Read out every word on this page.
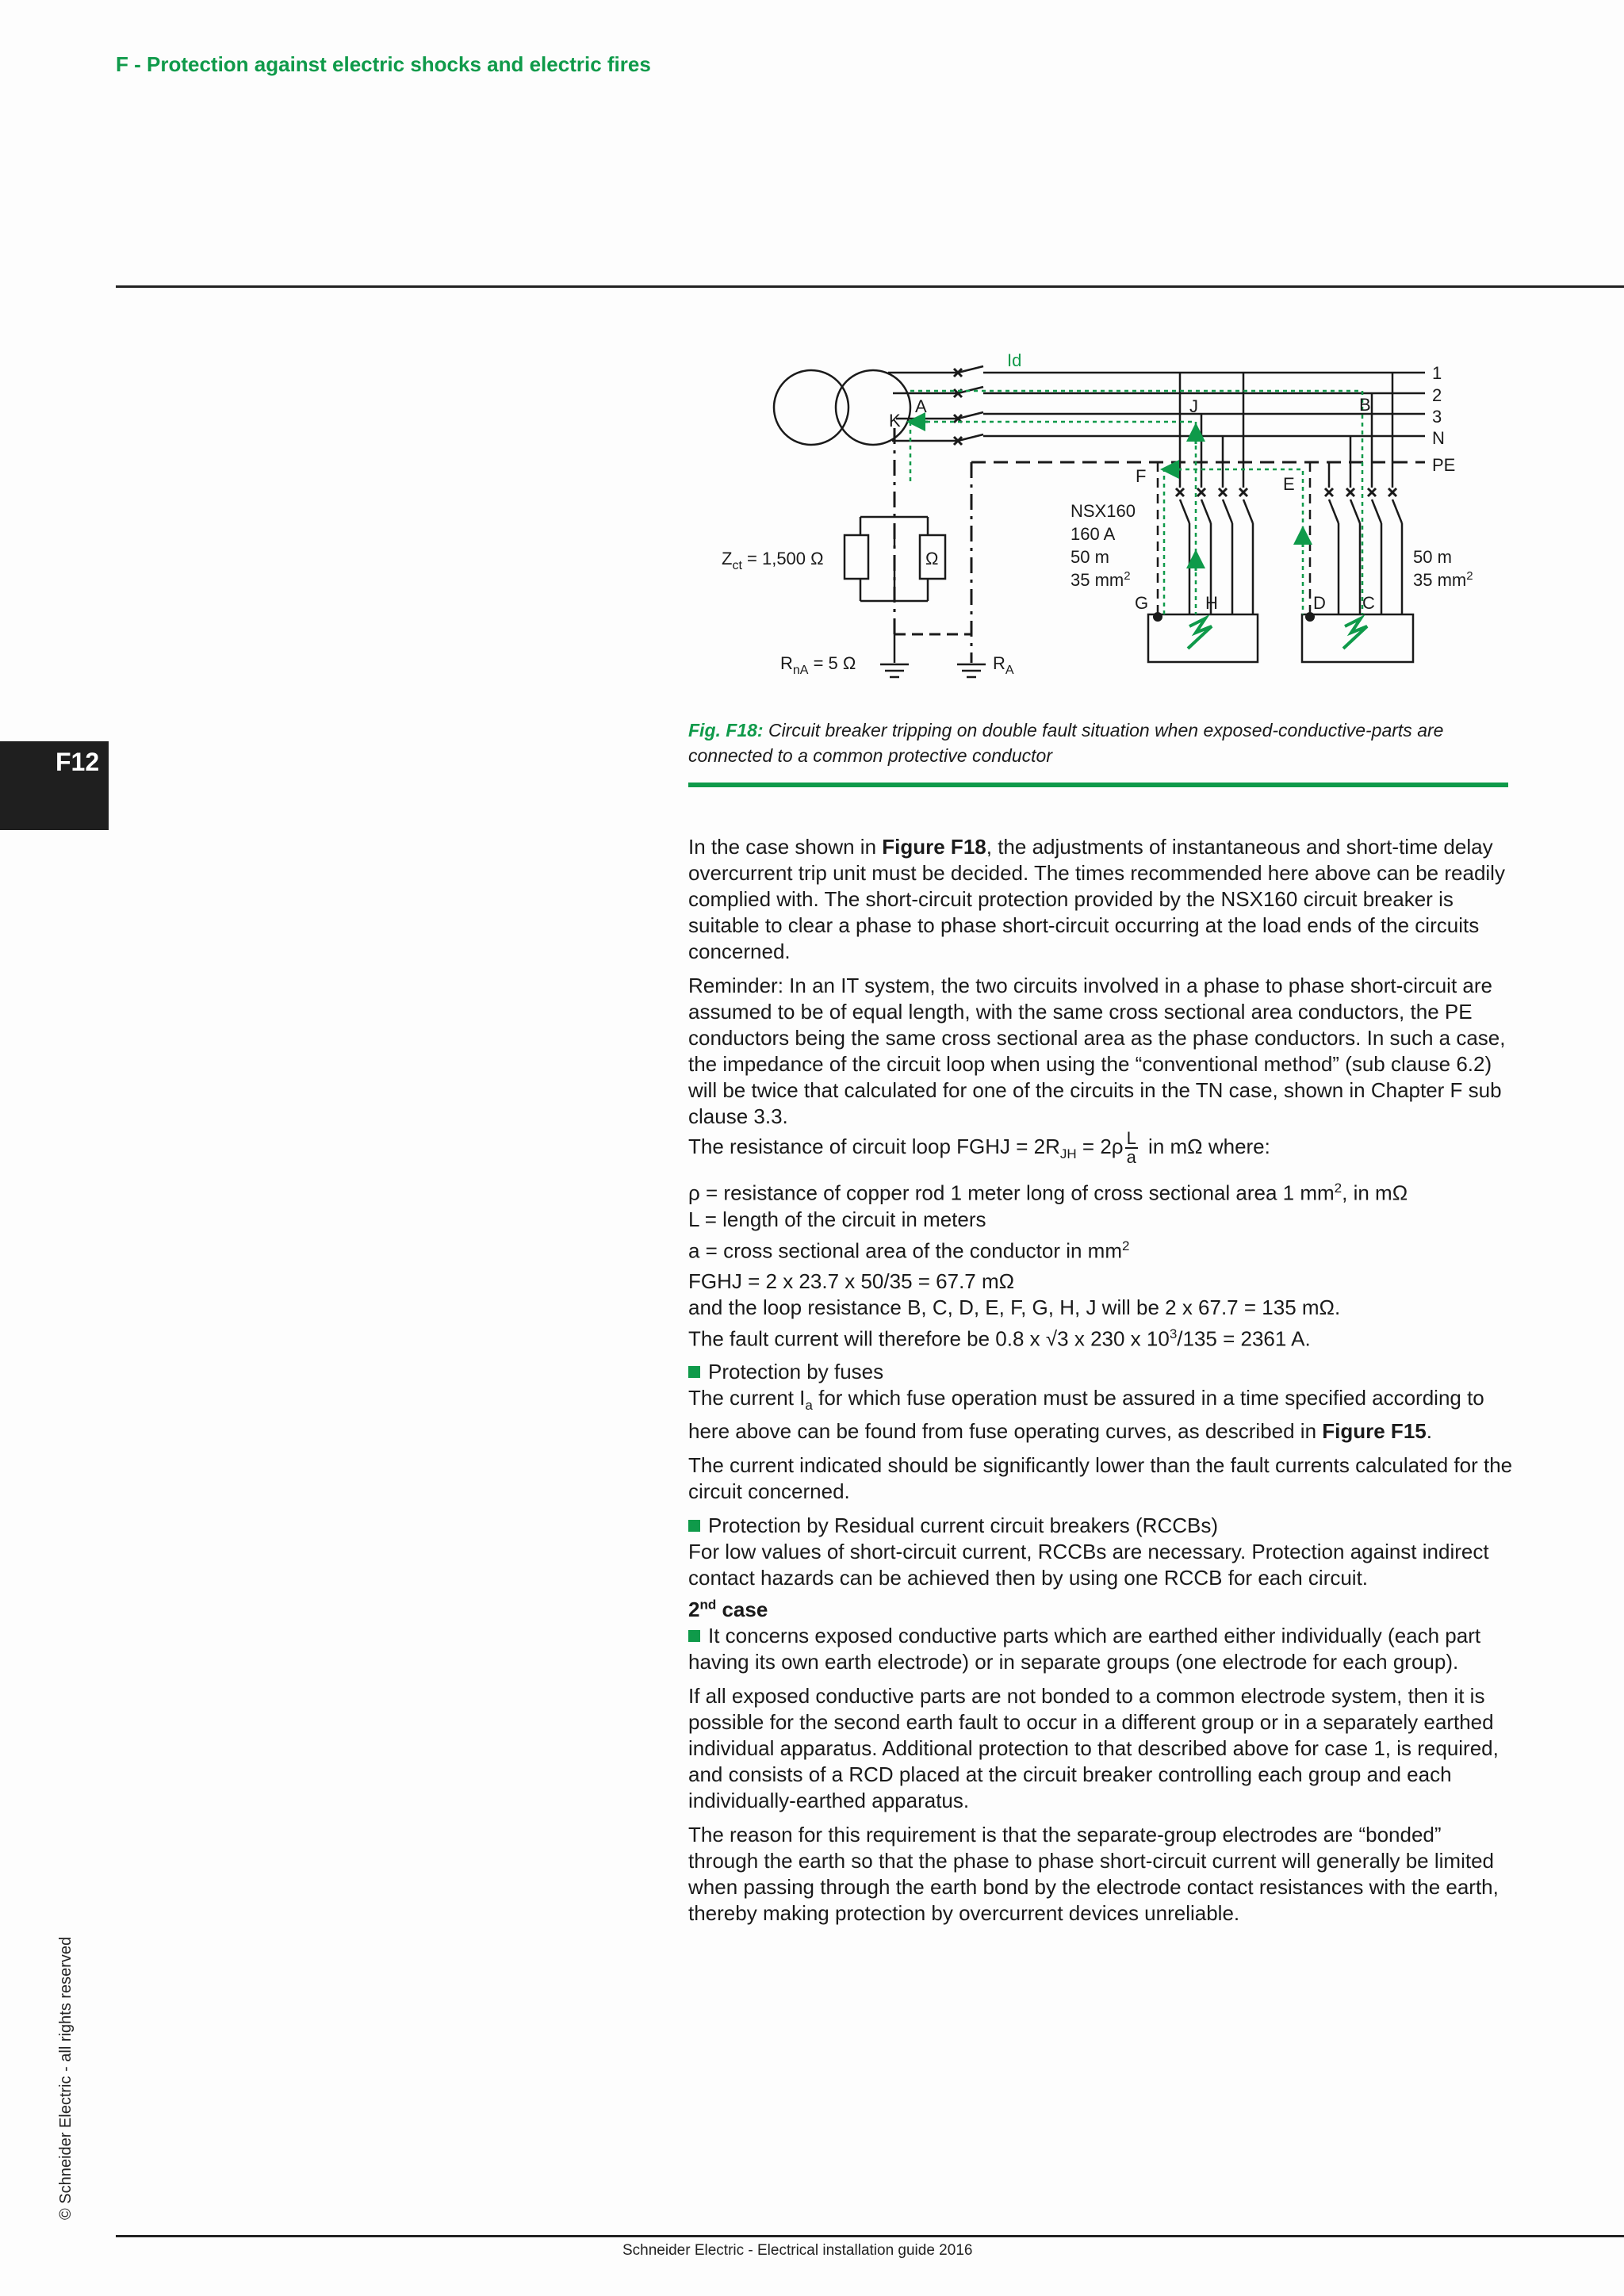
F - Protection against electric shocks and electric fires
F12
© Schneider Electric - all rights reserved
Id
1
2
3
N
PE
A
K
J	B
F	E
G	H	D C
NSX160
160 A
50 m
35 $mm^2$
50 m
35 $mm^2$
$Z_{ct} = 1,500$ Ω	Ω
$R_{nA} = 5$ Ω	$R_A$
Fig. F18: Circuit breaker tripping on double fault situation when exposed-conductive-parts are connected to a common protective conductor

In the case shown in Figure F18, the adjustments of instantaneous and short-time delay overcurrent trip unit must be decided. The times recommended here above can be readily complied with. The short-circuit protection provided by the NSX160 circuit breaker is suitable to clear a phase to phase short-circuit occurring at the load ends of the circuits concerned.

Reminder: In an IT system, the two circuits involved in a phase to phase short-circuit are assumed to be of equal length, with the same cross sectional area conductors, the PE conductors being the same cross sectional area as the phase conductors. In such a case, the impedance of the circuit loop when using the “conventional method” (sub clause 6.2) will be twice that calculated for one of the circuits in the TN case, shown in Chapter F sub clause 3.3.

The resistance of circuit loop FGHJ = $2R_{JH} = 2\rho \frac{L}{a}$ in mΩ where:

ρ = resistance of copper rod 1 meter long of cross sectional area 1 $mm^2$, in mΩ
L = length of the circuit in meters
a = cross sectional area of the conductor in $mm^2$
FGHJ = 2 x 23.7 x 50/35 = 67.7 mΩ
and the loop resistance B, C, D, E, F, G, H, J will be 2 x 67.7 = 135 mΩ.
The fault current will therefore be 0.8 x √3 x 230 x $10^3/135 = 2361$ A.
Protection by fuses

The current $I_a$ for which fuse operation must be assured in a time specified according to here above can be found from fuse operating curves, as described in Figure F15.

The current indicated should be significantly lower than the fault currents calculated for the circuit concerned.

Protection by Residual current circuit breakers (RCCBs)
For low values of short-circuit current, RCCBs are necessary. Protection against indirect contact hazards can be achieved then by using one RCCB for each circuit.
2nd case

It concerns exposed conductive parts which are earthed either individually (each part having its own earth electrode) or in separate groups (one electrode for each group).

If all exposed conductive parts are not bonded to a common electrode system, then it is possible for the second earth fault to occur in a different group or in a separately earthed individual apparatus. Additional protection to that described above for case 1, is required, and consists of a RCD placed at the circuit breaker controlling each group and each individually-earthed apparatus.

The reason for this requirement is that the separate-group electrodes are “bonded” through the earth so that the phase to phase short-circuit current will generally be limited when passing through the earth bond by the electrode contact resistances with the earth, thereby making protection by overcurrent devices unreliable.

Schneider Electric - Electrical installation guide 2016
